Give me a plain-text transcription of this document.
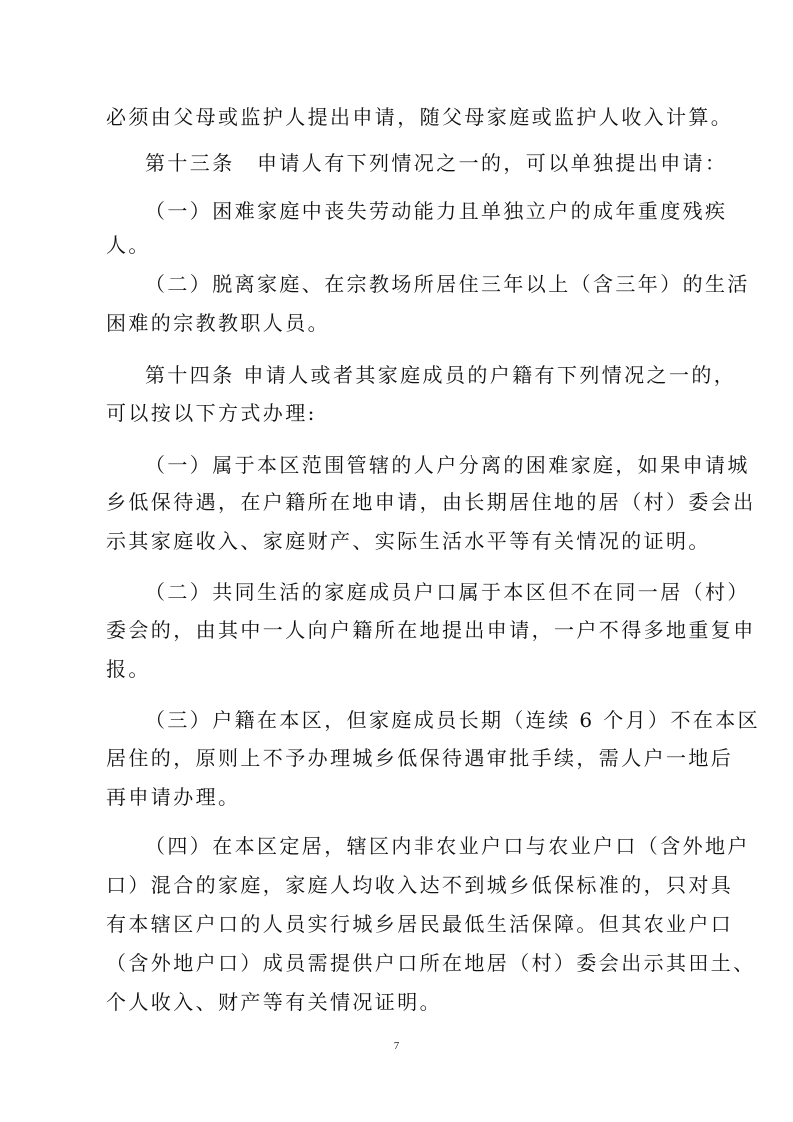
必须由父母或监护人提出申请，随父母家庭或监护人收入计算。
第十三条　申请人有下列情况之一的，可以单独提出申请：
（一）困难家庭中丧失劳动能力且单独立户的成年重度残疾
人。
（二）脱离家庭、在宗教场所居住三年以上（含三年）的生活
困难的宗教教职人员。
第十四条 申请人或者其家庭成员的户籍有下列情况之一的，
可以按以下方式办理:
（一）属于本区范围管辖的人户分离的困难家庭，如果申请城
乡低保待遇，在户籍所在地申请，由长期居住地的居（村）委会出
示其家庭收入、家庭财产、实际生活水平等有关情况的证明。
（二）共同生活的家庭成员户口属于本区但不在同一居（村）
委会的，由其中一人向户籍所在地提出申请，一户不得多地重复申
报。
（三）户籍在本区，但家庭成员长期（连续 6 个月）不在本区
居住的，原则上不予办理城乡低保待遇审批手续，需人户一地后
再申请办理。
（四）在本区定居，辖区内非农业户口与农业户口（含外地户
口）混合的家庭，家庭人均收入达不到城乡低保标准的，只对具
有本辖区户口的人员实行城乡居民最低生活保障。但其农业户口
（含外地户口）成员需提供户口所在地居（村）委会出示其田土、
个人收入、财产等有关情况证明。
7
